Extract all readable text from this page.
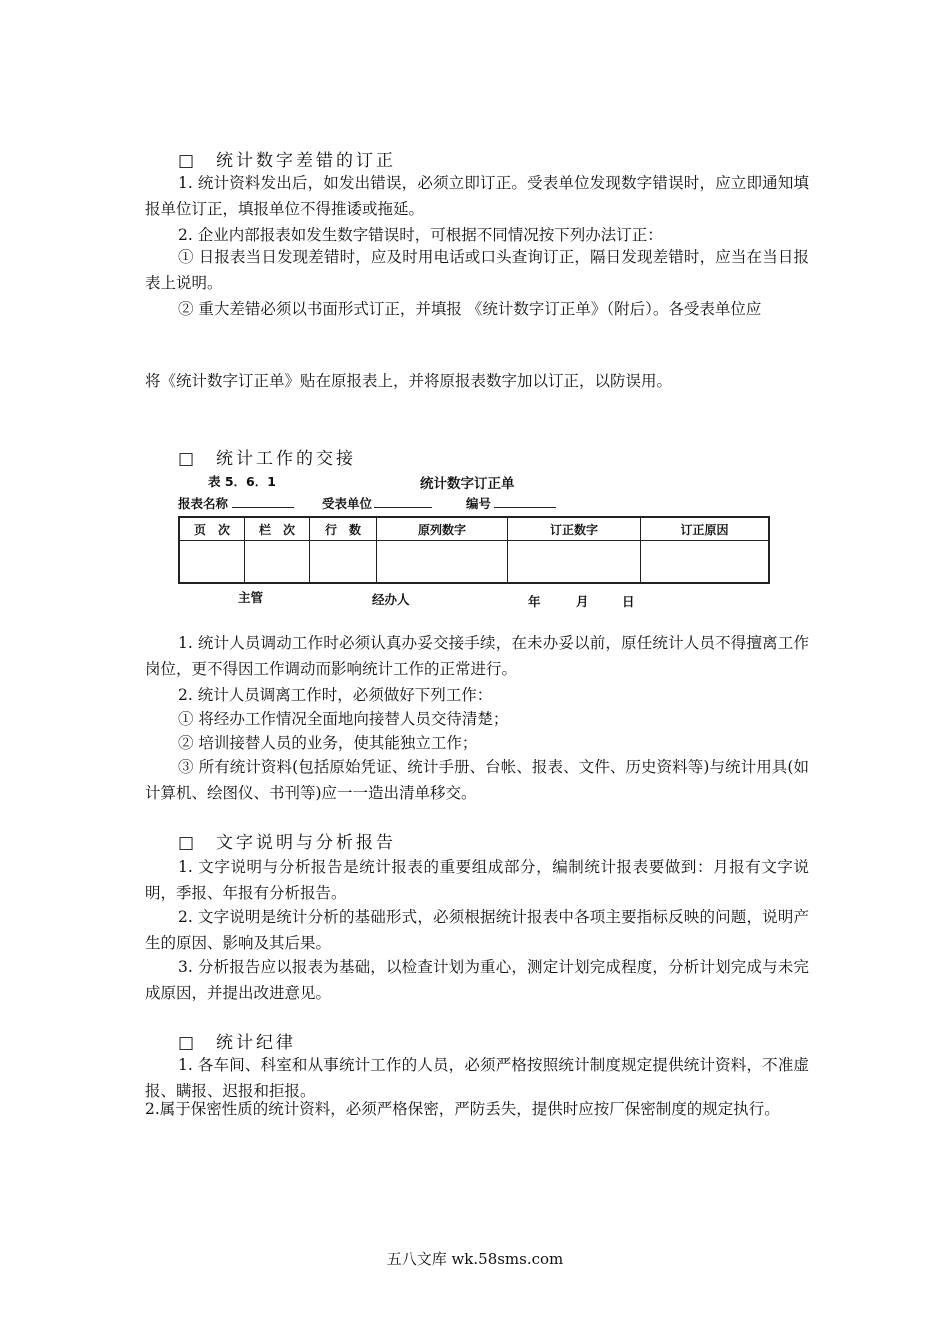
□ 统计数字差错的订正

1. 统计资料发出后，如发出错误，必须立即订正。受表单位发现数字错误时，应立即通知填报单位订正，填报单位不得推诿或拖延。

2. 企业内部报表如发生数字错误时，可根据不同情况按下列办法订正：

① 日报表当日发现差错时，应及时用电话或口头查询订正，隔日发现差错时，应当在当日报表上说明。

② 重大差错必须以书面形式订正，并填报 《统计数字订正单》（附后）。各受表单位应

将《统计数字订正单》贴在原报表上，并将原报表数字加以订正，以防误用。

□ 统计工作的交接
表 5．6．1	统计数字订正单
报表名称	受表单位	编号
页　次	栏　次	行　数	原列数字	订正数字	订正原因

主管	经办人	年	月	日

1. 统计人员调动工作时必须认真办妥交接手续，在未办妥以前，原任统计人员不得擅离工作岗位，更不得因工作调动而影响统计工作的正常进行。

2. 统计人员调离工作时，必须做好下列工作：

① 将经办工作情况全面地向接替人员交待清楚；

② 培训接替人员的业务，使其能独立工作；

③ 所有统计资料(包括原始凭证、统计手册、台帐、报表、文件、历史资料等)与统计用具(如计算机、绘图仪、书刊等)应一一造出清单移交。

□ 文字说明与分析报告

1. 文字说明与分析报告是统计报表的重要组成部分，编制统计报表要做到：月报有文字说明，季报、年报有分析报告。

2. 文字说明是统计分析的基础形式，必须根据统计报表中各项主要指标反映的问题，说明产生的原因、影响及其后果。

3. 分析报告应以报表为基础，以检查计划为重心，测定计划完成程度，分析计划完成与未完成原因，并提出改进意见。

□ 统计纪律

1. 各车间、科室和从事统计工作的人员，必须严格按照统计制度规定提供统计资料，不准虚报、瞒报、迟报和拒报。

2.属于保密性质的统计资料，必须严格保密，严防丢失，提供时应按厂保密制度的规定执行。

五八文库 wk.58sms.com
